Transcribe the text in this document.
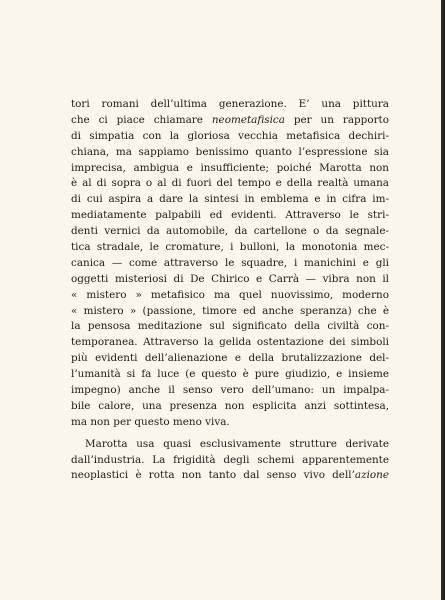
tori romani dell’ultima generazione. E’ una pittura
che ci piace chiamare neometafisica per un rapporto
di simpatia con la gloriosa vecchia metafisica dechiri-
chiana, ma sappiamo benissimo quanto l’espressione sia
imprecisa, ambigua e insufficiente; poiché Marotta non
è al di sopra o al di fuori del tempo e della realtà umana
di cui aspira a dare la sintesi in emblema e in cifra im-
mediatamente palpabili ed evidenti. Attraverso le stri-
denti vernici da automobile, da cartellone o da segnale-
tica stradale, le cromature, i bulloni, la monotonia mec-
canica — come attraverso le squadre, i manichini e gli
oggetti misteriosi di De Chirico e Carrà — vibra non il
« mistero » metafisico ma quel nuovissimo, moderno
« mistero » (passione, timore ed anche speranza) che è
la pensosa meditazione sul significato della civiltà con-
temporanea. Attraverso la gelida ostentazione dei simboli
più evidenti dell’alienazione e della brutalizzazione del-
l’umanità si fa luce (e questo è pure giudizio, e insieme
impegno) anche il senso vero dell’umano: un impalpa-
bile calore, una presenza non esplicita anzi sottintesa,
ma non per questo meno viva.
Marotta usa quasi esclusivamente strutture derivate
dall’industria. La frigidità degli schemi apparentemente
neoplastici è rotta non tanto dal senso vivo dell’azione
